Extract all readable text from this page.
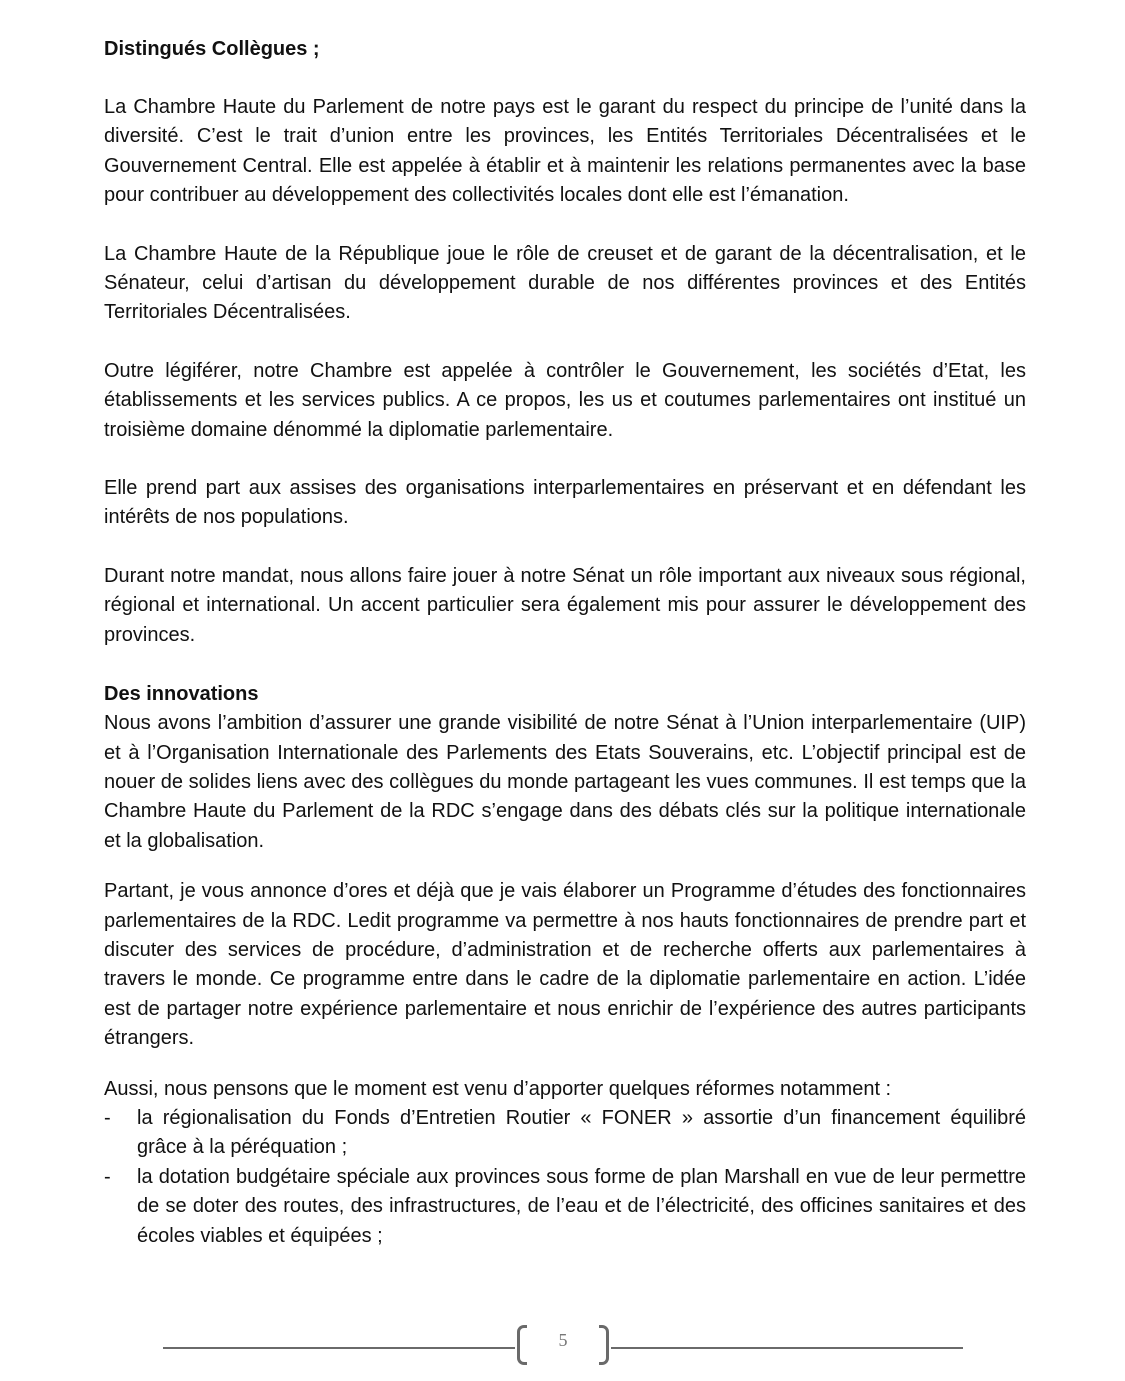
Distingués Collègues ;

La Chambre Haute du Parlement de notre pays est le garant du respect du principe de l’unité dans la diversité. C’est le trait d’union entre les provinces, les Entités Territoriales Décentralisées et le Gouvernement Central. Elle est appelée à établir et à maintenir les relations permanentes avec la base pour contribuer au développement des collectivités locales dont elle est l’émanation.

La Chambre Haute de la République joue le rôle de creuset et de garant de la décentralisation, et le Sénateur, celui d’artisan du développement durable de nos différentes provinces et des Entités Territoriales Décentralisées.

Outre légiférer, notre Chambre est appelée à contrôler le Gouvernement, les sociétés d’Etat, les établissements et les services publics. A ce propos, les us et coutumes parlementaires ont institué un troisième domaine dénommé la diplomatie parlementaire.

Elle prend part aux assises des organisations interparlementaires en préservant et en défendant les intérêts de nos populations.

Durant notre mandat, nous allons faire jouer à notre Sénat un rôle important aux niveaux sous régional, régional et international. Un accent particulier sera également mis pour assurer le développement des provinces.

Des innovations

Nous avons l’ambition d’assurer une grande visibilité de notre Sénat à l’Union interparlementaire (UIP) et à l’Organisation Internationale des Parlements des Etats Souverains, etc. L’objectif principal est de nouer de solides liens avec des collègues du monde partageant les vues communes. Il est temps que la Chambre Haute du Parlement de la RDC s’engage dans des débats clés sur la politique internationale et la globalisation.

Partant, je vous annonce d’ores et déjà que je vais élaborer un Programme d’études des fonctionnaires parlementaires de la RDC. Ledit programme va permettre à nos hauts fonctionnaires de prendre part et discuter des services de procédure, d’administration et de recherche offerts aux parlementaires à travers le monde. Ce programme entre dans le cadre de la diplomatie parlementaire en action. L’idée est de partager notre expérience parlementaire et nous enrichir de l’expérience des autres participants étrangers.

Aussi, nous pensons que le moment est venu d’apporter quelques réformes notamment :

- la régionalisation du Fonds d’Entretien Routier « FONER » assortie d’un financement équilibré grâce à la péréquation ;
- la dotation budgétaire spéciale aux provinces sous forme de plan Marshall en vue de leur permettre de se doter des routes, des infrastructures, de l’eau et de l’électricité, des officines sanitaires et des écoles viables et équipées ;
5
